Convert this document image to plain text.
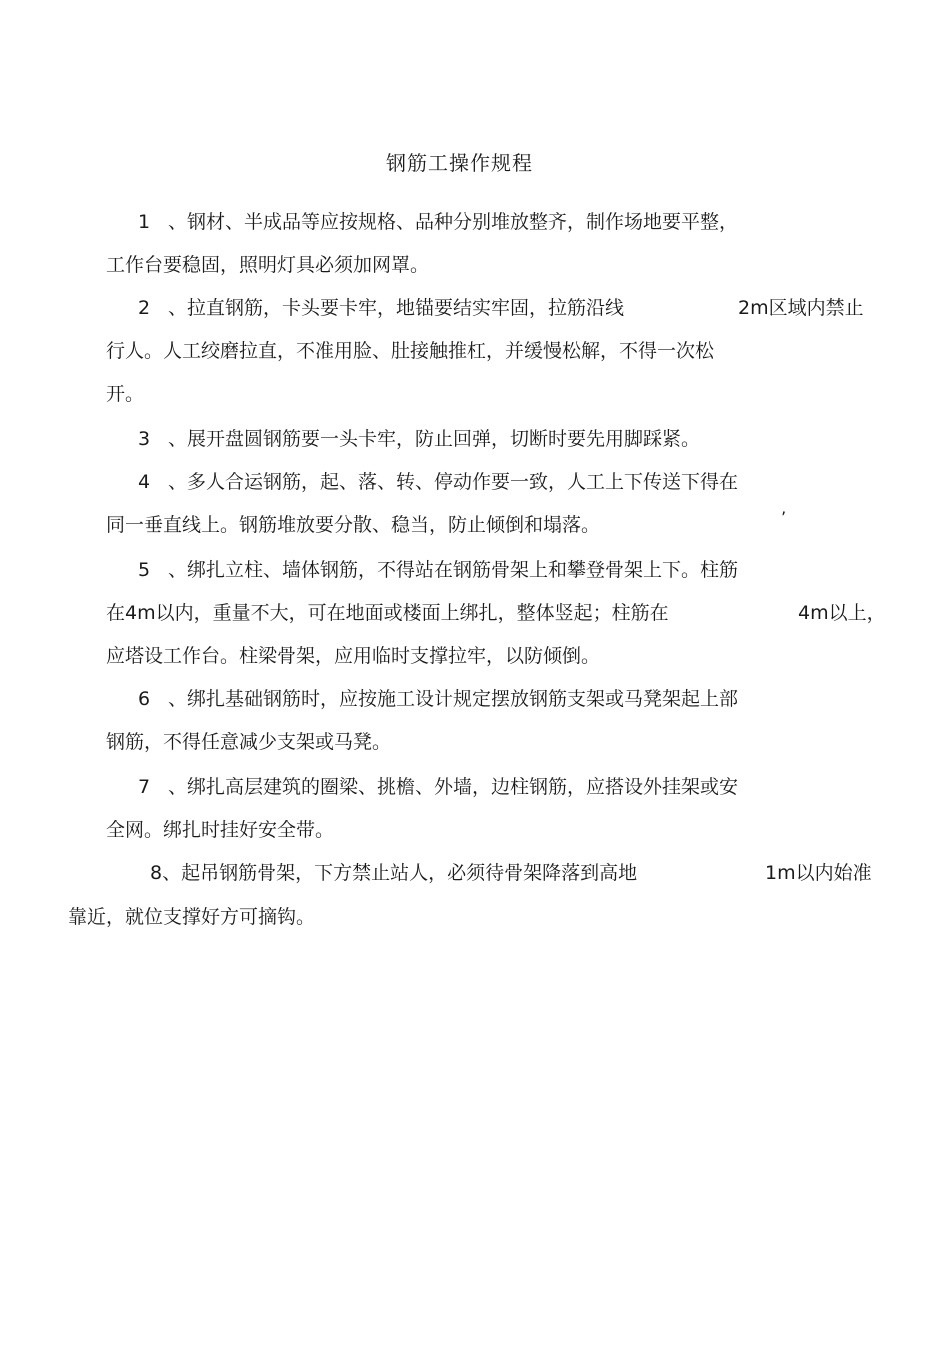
钢筋工操作规程
1 、钢材、半成品等应按规格、品种分别堆放整齐，制作场地要平整，
工作台要稳固，照明灯具必须加网罩。
2 、拉直钢筋，卡头要卡牢，地锚要结实牢固，拉筋沿线	2m区域内禁止
行人。人工绞磨拉直，不准用脸、肚接触推杠，并缓慢松解，不得一次松
开。
3 、展开盘圆钢筋要一头卡牢，防止回弹，切断时要先用脚踩紧。
4 、多人合运钢筋，起、落、转、停动作要一致，人工上下传送下得在
同一垂直线上。钢筋堆放要分散、稳当，防止倾倒和塌落。	’
5 、绑扎立柱、墙体钢筋，不得站在钢筋骨架上和攀登骨架上下。柱筋
在4m以内，重量不大，可在地面或楼面上绑扎，整体竖起；柱筋在	4m以上，
应塔设工作台。柱梁骨架，应用临时支撑拉牢，以防倾倒。
6 、绑扎基础钢筋时，应按施工设计规定摆放钢筋支架或马凳架起上部
钢筋，不得任意减少支架或马凳。
7 、绑扎高层建筑的圈梁、挑檐、外墙，边柱钢筋，应搭设外挂架或安
全网。绑扎时挂好安全带。
8、起吊钢筋骨架，下方禁止站人，必须待骨架降落到高地	1m以内始准
靠近，就位支撑好方可摘钩。
